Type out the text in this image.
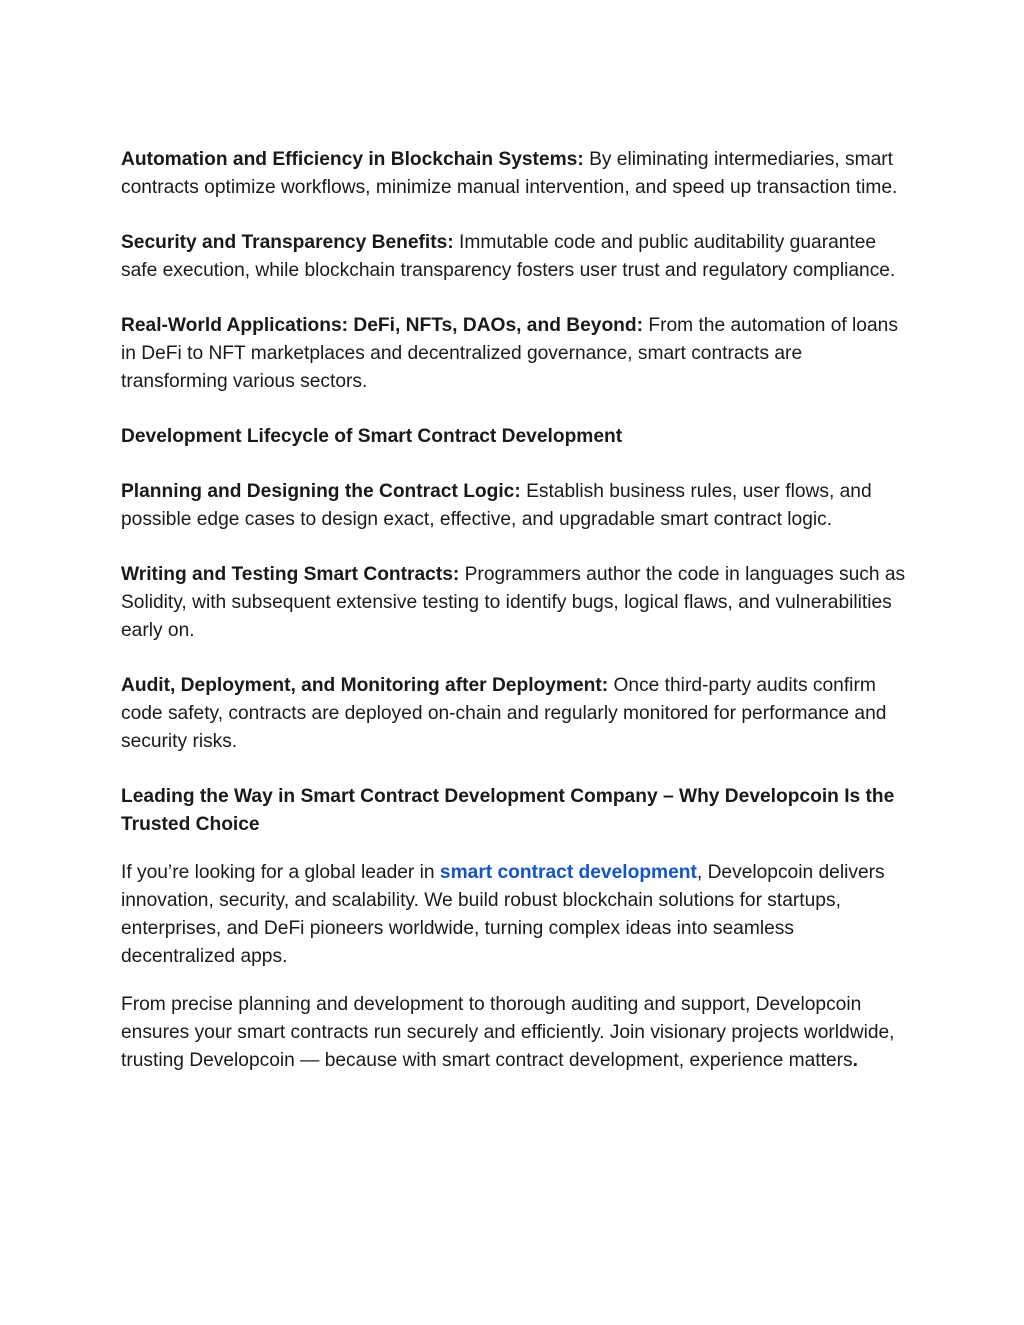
Automation and Efficiency in Blockchain Systems: By eliminating intermediaries, smart contracts optimize workflows, minimize manual intervention, and speed up transaction time.

Security and Transparency Benefits: Immutable code and public auditability guarantee safe execution, while blockchain transparency fosters user trust and regulatory compliance.

Real-World Applications: DeFi, NFTs, DAOs, and Beyond: From the automation of loans in DeFi to NFT marketplaces and decentralized governance, smart contracts are transforming various sectors.

Development Lifecycle of Smart Contract Development

Planning and Designing the Contract Logic: Establish business rules, user flows, and possible edge cases to design exact, effective, and upgradable smart contract logic.

Writing and Testing Smart Contracts: Programmers author the code in languages such as Solidity, with subsequent extensive testing to identify bugs, logical flaws, and vulnerabilities early on.

Audit, Deployment, and Monitoring after Deployment: Once third-party audits confirm code safety, contracts are deployed on-chain and regularly monitored for performance and security risks.

Leading the Way in Smart Contract Development Company – Why Developcoin Is the Trusted Choice

If you’re looking for a global leader in smart contract development, Developcoin delivers innovation, security, and scalability. We build robust blockchain solutions for startups, enterprises, and DeFi pioneers worldwide, turning complex ideas into seamless decentralized apps.

From precise planning and development to thorough auditing and support, Developcoin ensures your smart contracts run securely and efficiently. Join visionary projects worldwide, trusting Developcoin — because with smart contract development, experience matters.
